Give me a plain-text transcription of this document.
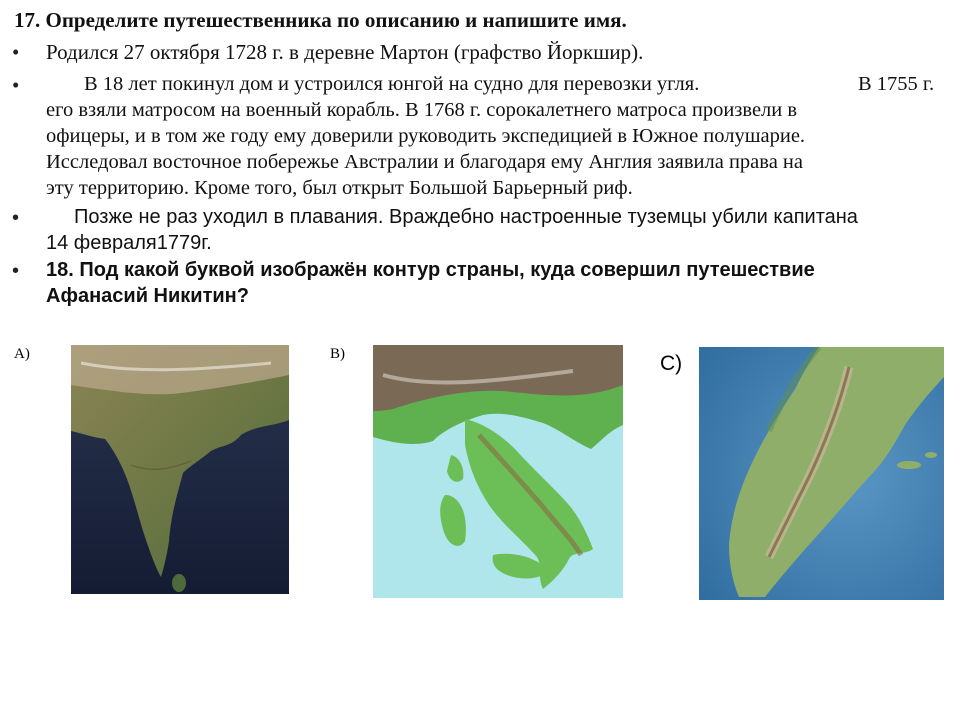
17. Определите путешественника по описанию и напишите имя.
• Родился 27 октября 1728 г. в деревне Мартон (графство Йоркшир).
•	В 18 лет покинул дом и устроился юнгой на судно для перевозки угля.	В 1755 г.
его взяли матросом на военный корабль. В 1768 г. сорокалетнего матроса произвели в
офицеры, и в том же году ему доверили руководить экспедицией в Южное полушарие.
Исследовал восточное побережье Австралии и благодаря ему Англия заявила права на
эту территорию. Кроме того, был открыт Большой Барьерный риф.
•	Позже не раз уходил в плавания. Враждебно настроенные туземцы убили капитана
14 февраля1779г.
• 18. Под какой буквой изображён контур страны, куда совершил путешествие
Афанасий Никитин?
А)	В)	С)
